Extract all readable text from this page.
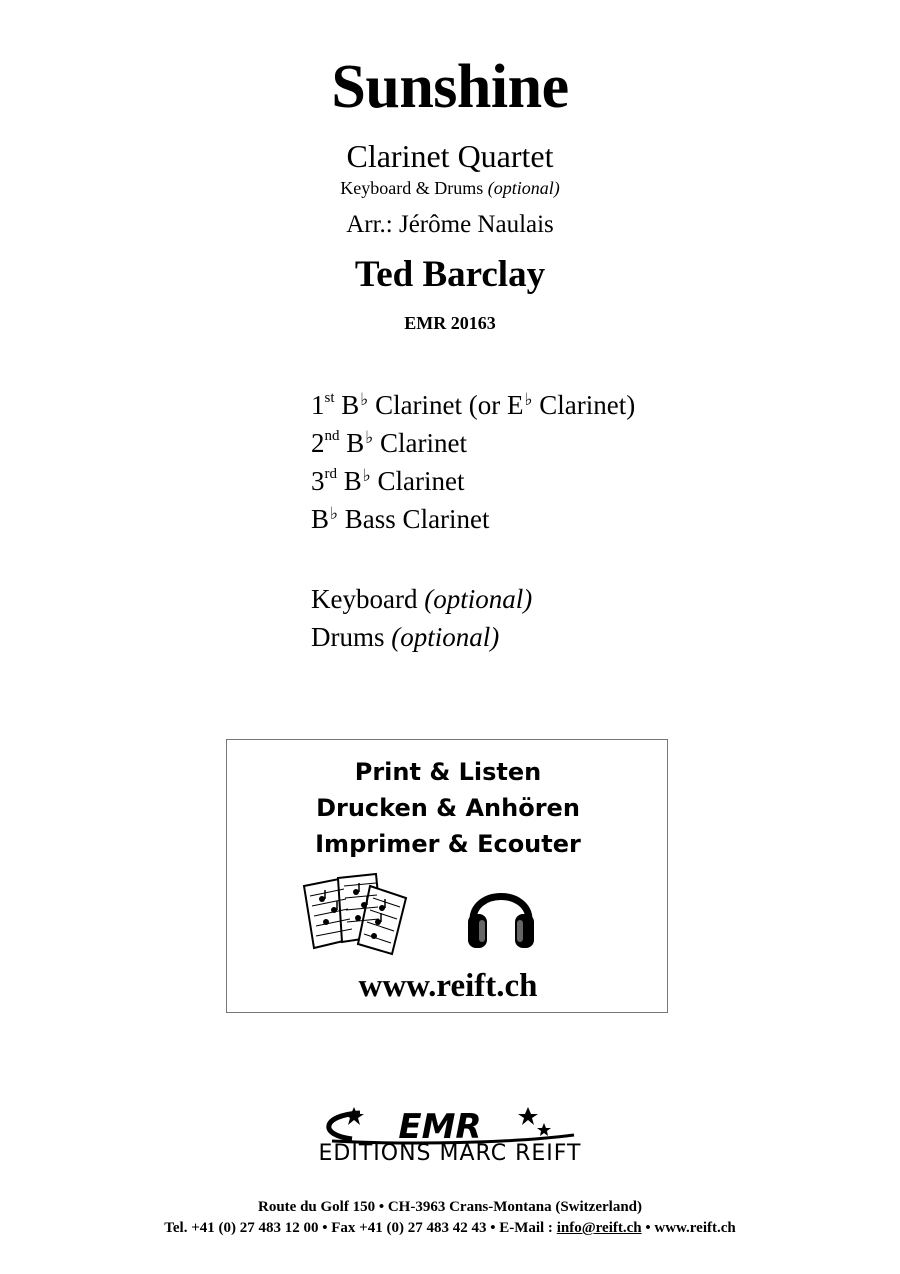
Sunshine
Clarinet Quartet
Keyboard & Drums (optional)
Arr.: Jérôme Naulais
Ted Barclay
EMR 20163
1st B♭ Clarinet (or E♭ Clarinet)
2nd B♭ Clarinet
3rd B♭ Clarinet
B♭ Bass Clarinet
Keyboard (optional)
Drums (optional)
Print & Listen
Drucken & Anhören
Imprimer & Ecouter
www.reift.ch
EMR
EDITIONS MARC REIFT
Route du Golf 150 • CH-3963 Crans-Montana (Switzerland)
Tel. +41 (0) 27 483 12 00 • Fax +41 (0) 27 483 42 43 • E-Mail : info@reift.ch • www.reift.ch
